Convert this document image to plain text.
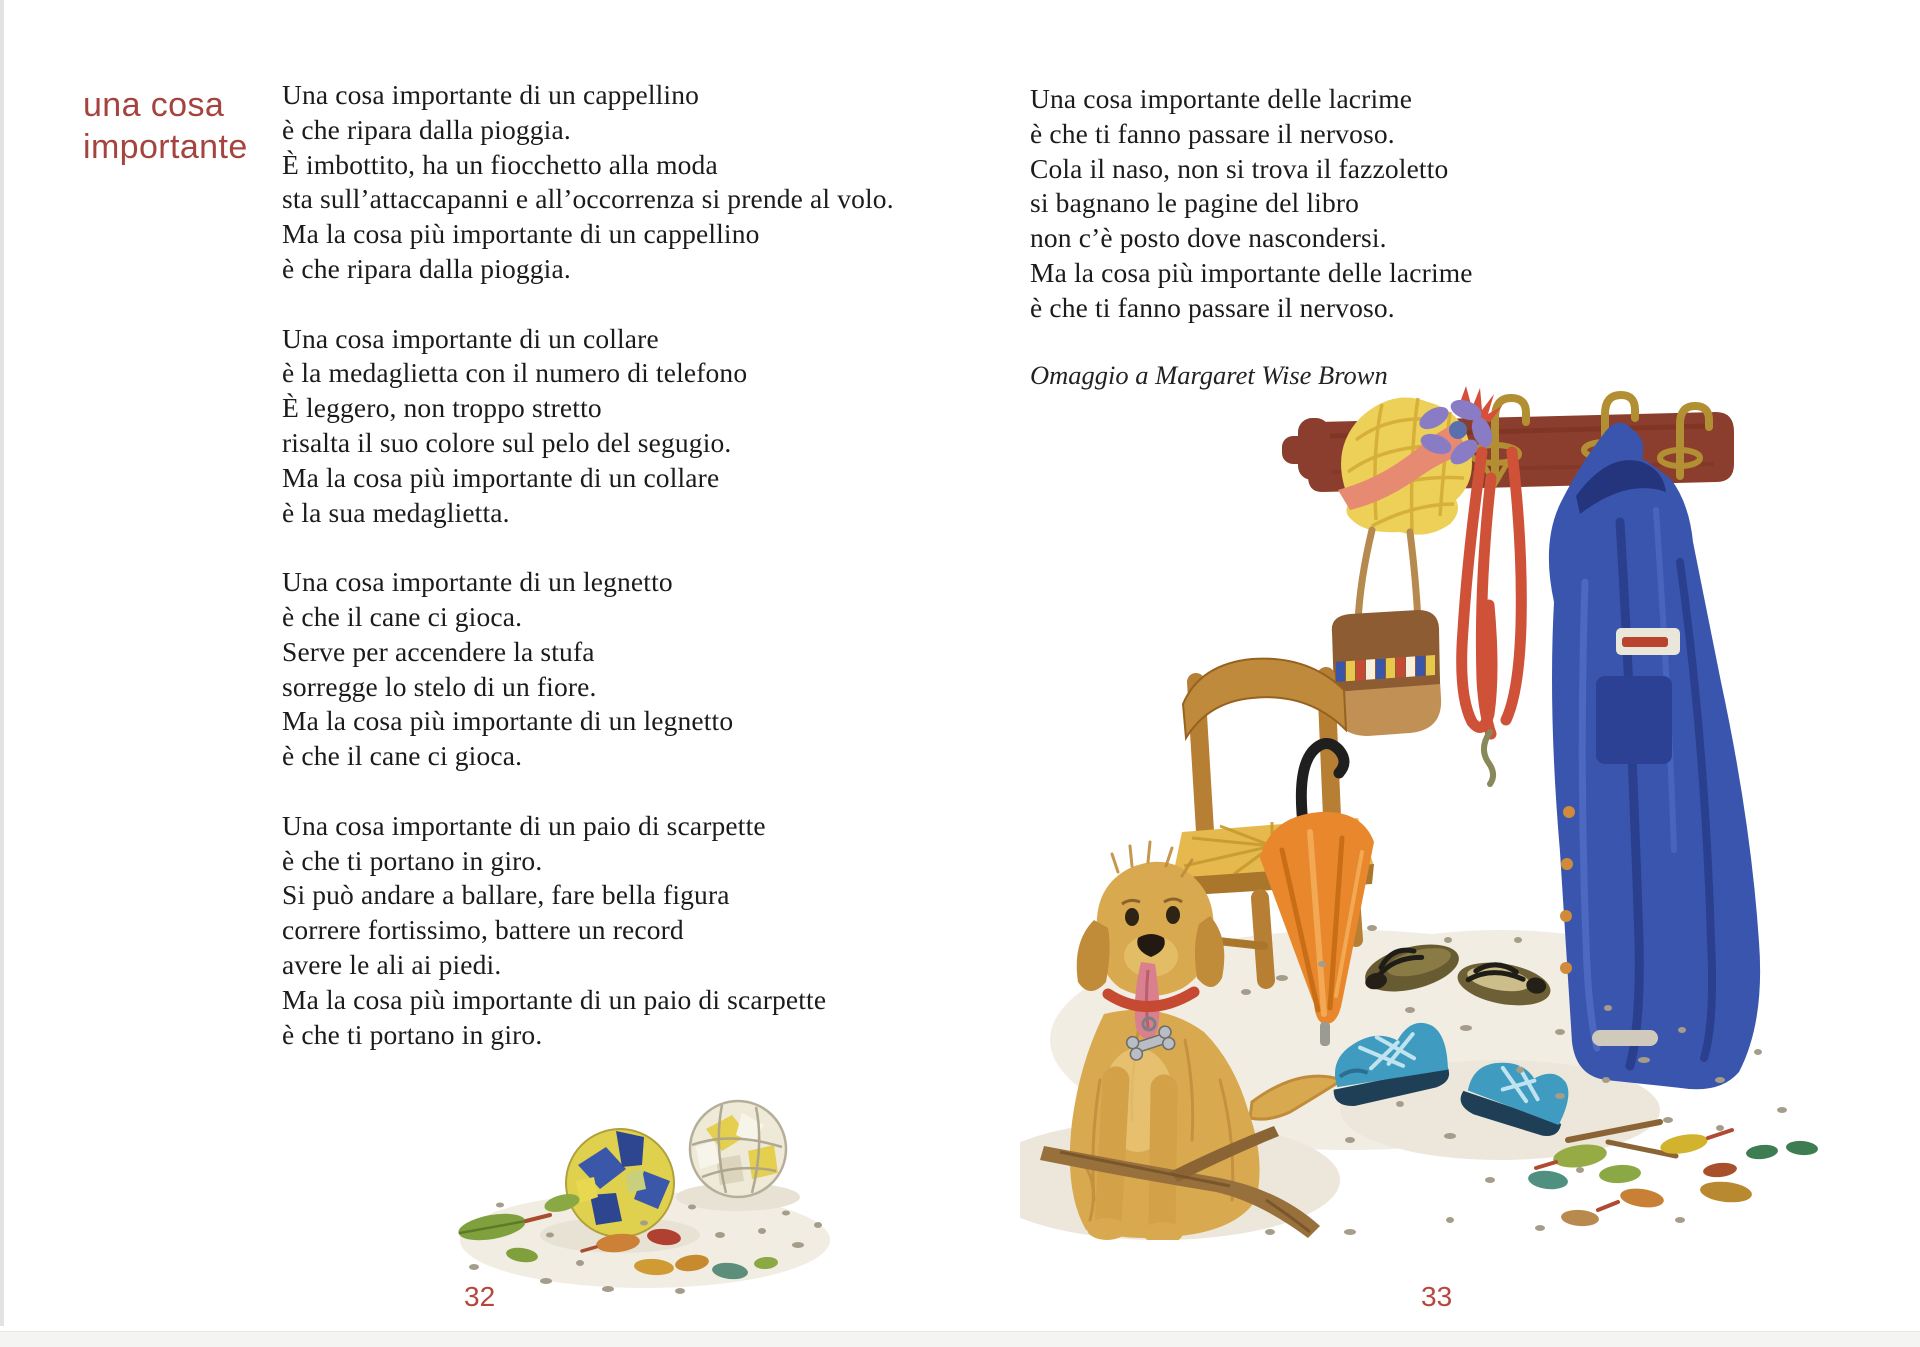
una cosa
importante
Una cosa importante di un cappellino
è che ripara dalla pioggia.
È imbottito, ha un fiocchetto alla moda
sta sull’attaccapanni e all’occorrenza si prende al volo.
Ma la cosa più importante di un cappellino
è che ripara dalla pioggia.
Una cosa importante di un collare
è la medaglietta con il numero di telefono
È leggero, non troppo stretto
risalta il suo colore sul pelo del segugio.
Ma la cosa più importante di un collare
è la sua medaglietta.
Una cosa importante di un legnetto
è che il cane ci gioca.
Serve per accendere la stufa
sorregge lo stelo di un fiore.
Ma la cosa più importante di un legnetto
è che il cane ci gioca.
Una cosa importante di un paio di scarpette
è che ti portano in giro.
Si può andare a ballare, fare bella figura
correre fortissimo, battere un record
avere le ali ai piedi.
Ma la cosa più importante di un paio di scarpette
è che ti portano in giro.
32
Una cosa importante delle lacrime
è che ti fanno passare il nervoso.
Cola il naso, non si trova il fazzoletto
si bagnano le pagine del libro
non c’è posto dove nascondersi.
Ma la cosa più importante delle lacrime
è che ti fanno passare il nervoso.
Omaggio a Margaret Wise Brown
33
